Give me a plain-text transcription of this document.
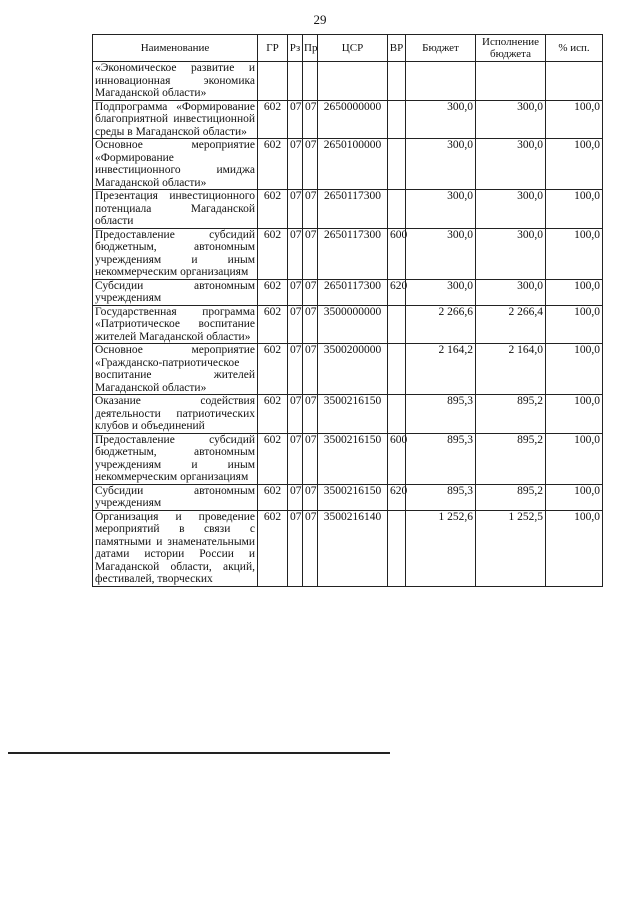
29
Наименование	ГР	Рз	Пр	ЦСР	ВР	Бюджет	Исполнение бюджета	% исп.
«Экономическое развитие и инновационная экономика Магаданской области»								
Подпрограмма «Формирование благоприятной инвестиционной среды в Магаданской области»	602	07	07	2650000000		300,0	300,0	100,0
Основное мероприятие «Формирование инвестиционного имиджа Магаданской области»	602	07	07	2650100000		300,0	300,0	100,0
Презентация инвестиционного потенциала Магаданской области	602	07	07	2650117300		300,0	300,0	100,0
Предоставление субсидий бюджетным, автономным учреждениям и иным некоммерческим организациям	602	07	07	2650117300	600	300,0	300,0	100,0
Субсидии автономным учреждениям	602	07	07	2650117300	620	300,0	300,0	100,0
Государственная программа «Патриотическое воспитание жителей Магаданской области»	602	07	07	3500000000		2 266,6	2 266,4	100,0
Основное мероприятие «Гражданско-патриотическое воспитание жителей Магаданской области»	602	07	07	3500200000		2 164,2	2 164,0	100,0
Оказание содействия деятельности патриотических клубов и объединений	602	07	07	3500216150		895,3	895,2	100,0
Предоставление субсидий бюджетным, автономным учреждениям и иным некоммерческим организациям	602	07	07	3500216150	600	895,3	895,2	100,0
Субсидии автономным учреждениям	602	07	07	3500216150	620	895,3	895,2	100,0
Организация и проведение мероприятий в связи с памятными и знаменательными датами истории России и Магаданской области, акций, фестивалей, творческих	602	07	07	3500216140		1 252,6	1 252,5	100,0
